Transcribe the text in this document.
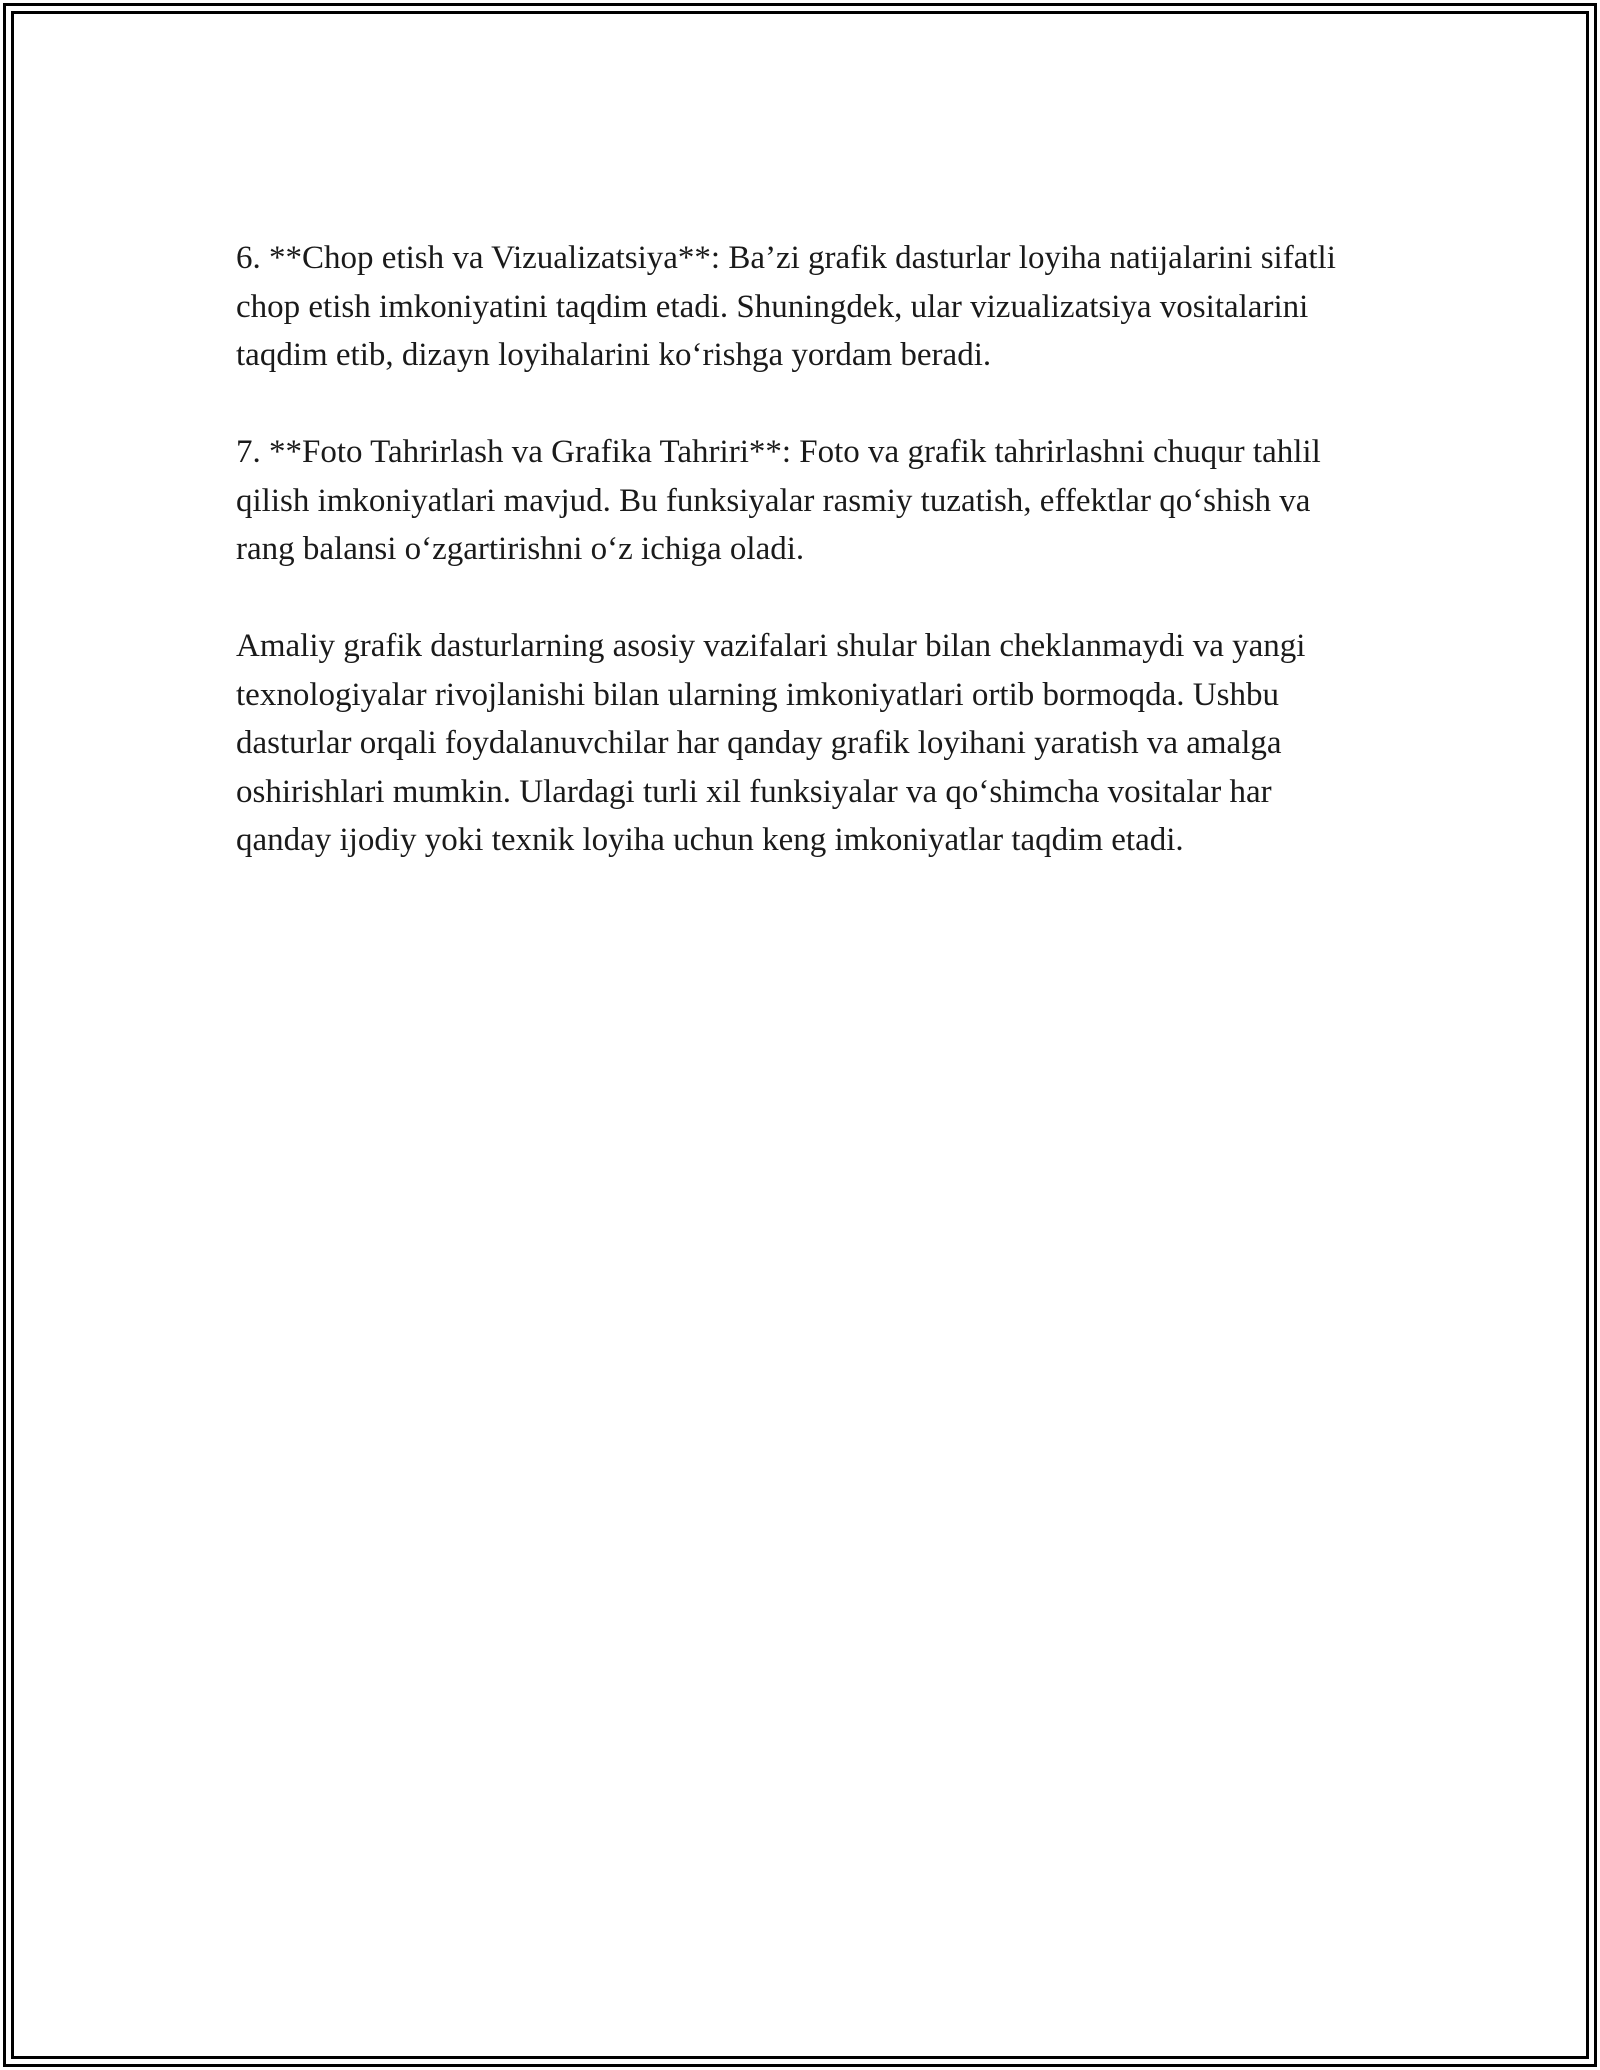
6. **Chop etish va Vizualizatsiya**: Ba’zi grafik dasturlar loyiha natijalarini sifatli chop etish imkoniyatini taqdim etadi. Shuningdek, ular vizualizatsiya vositalarini taqdim etib, dizayn loyihalarini koʻrishga yordam beradi.

7. **Foto Tahrirlash va Grafika Tahriri**: Foto va grafik tahrirlashni chuqur tahlil qilish imkoniyatlari mavjud. Bu funksiyalar rasmiy tuzatish, effektlar qoʻshish va rang balansi oʻzgartirishni oʻz ichiga oladi.

Amaliy grafik dasturlarning asosiy vazifalari shular bilan cheklanmaydi va yangi texnologiyalar rivojlanishi bilan ularning imkoniyatlari ortib bormoqda. Ushbu dasturlar orqali foydalanuvchilar har qanday grafik loyihani yaratish va amalga oshirishlari mumkin. Ulardagi turli xil funksiyalar va qoʻshimcha vositalar har qanday ijodiy yoki texnik loyiha uchun keng imkoniyatlar taqdim etadi.
